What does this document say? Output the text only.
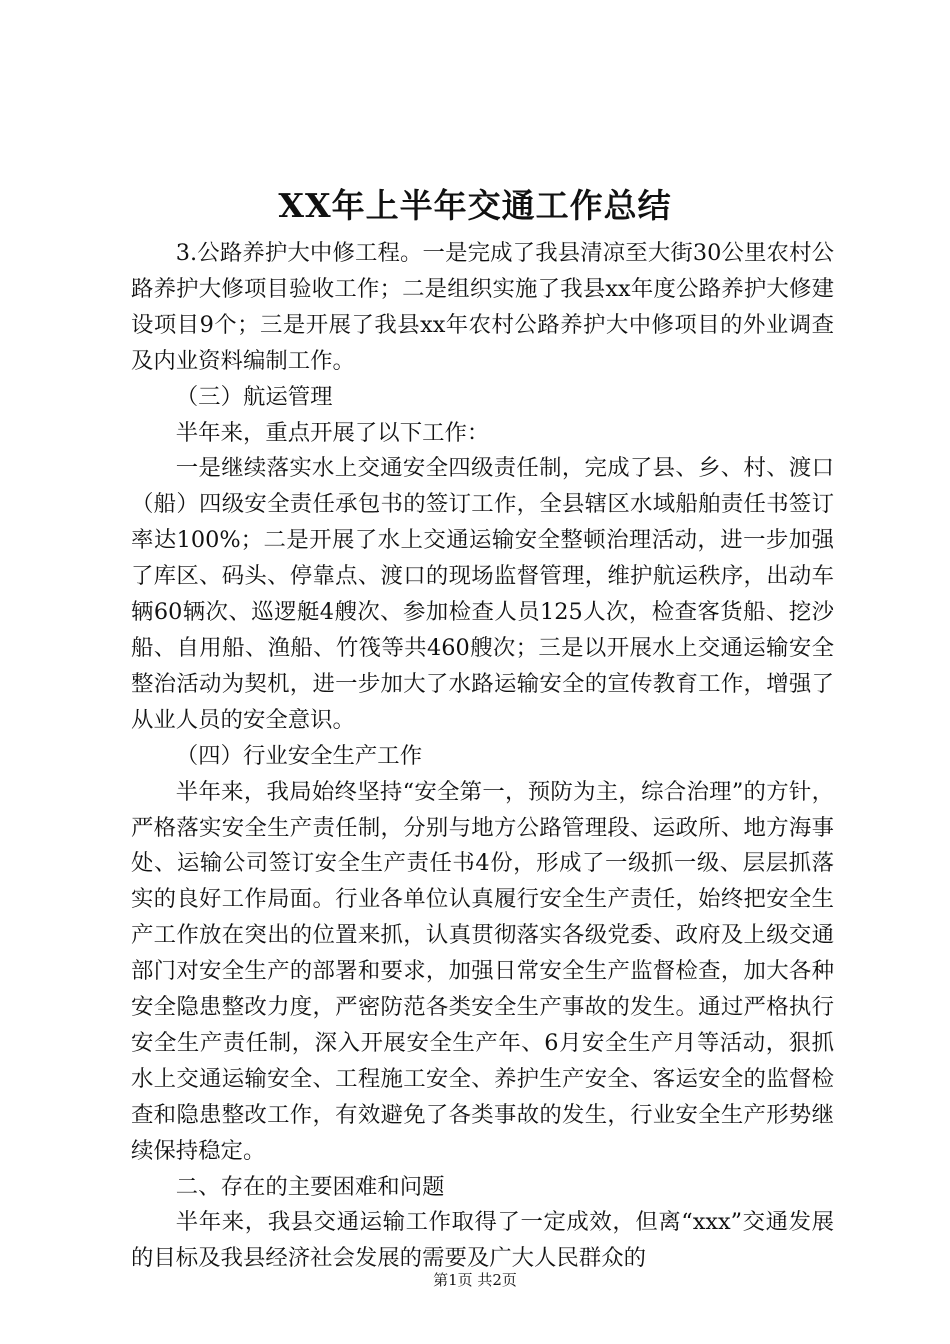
XX年上半年交通工作总结

3.公路养护大中修工程。一是完成了我县清凉至大街30公里农村公路养护大修项目验收工作；二是组织实施了我县xx年度公路养护大修建设项目9个；三是开展了我县xx年农村公路养护大中修项目的外业调查及内业资料编制工作。

（三）航运管理

半年来，重点开展了以下工作：

一是继续落实水上交通安全四级责任制，完成了县、乡、村、渡口（船）四级安全责任承包书的签订工作，全县辖区水域船舶责任书签订率达100%；二是开展了水上交通运输安全整顿治理活动，进一步加强了库区、码头、停靠点、渡口的现场监督管理，维护航运秩序，出动车辆60辆次、巡逻艇4艘次、参加检查人员125人次，检查客货船、挖沙船、自用船、渔船、竹筏等共460艘次；三是以开展水上交通运输安全整治活动为契机，进一步加大了水路运输安全的宣传教育工作，增强了从业人员的安全意识。

（四）行业安全生产工作

半年来，我局始终坚持“安全第一，预防为主，综合治理”的方针，严格落实安全生产责任制，分别与地方公路管理段、运政所、地方海事处、运输公司签订安全生产责任书4份，形成了一级抓一级、层层抓落实的良好工作局面。行业各单位认真履行安全生产责任，始终把安全生产工作放在突出的位置来抓，认真贯彻落实各级党委、政府及上级交通部门对安全生产的部署和要求，加强日常安全生产监督检查，加大各种安全隐患整改力度，严密防范各类安全生产事故的发生。通过严格执行安全生产责任制，深入开展安全生产年、6月安全生产月等活动，狠抓水上交通运输安全、工程施工安全、养护生产安全、客运安全的监督检查和隐患整改工作，有效避免了各类事故的发生，行业安全生产形势继续保持稳定。

二、存在的主要困难和问题

半年来，我县交通运输工作取得了一定成效，但离“xxx”交通发展的目标及我县经济社会发展的需要及广大人民群众的

第1页 共2页
